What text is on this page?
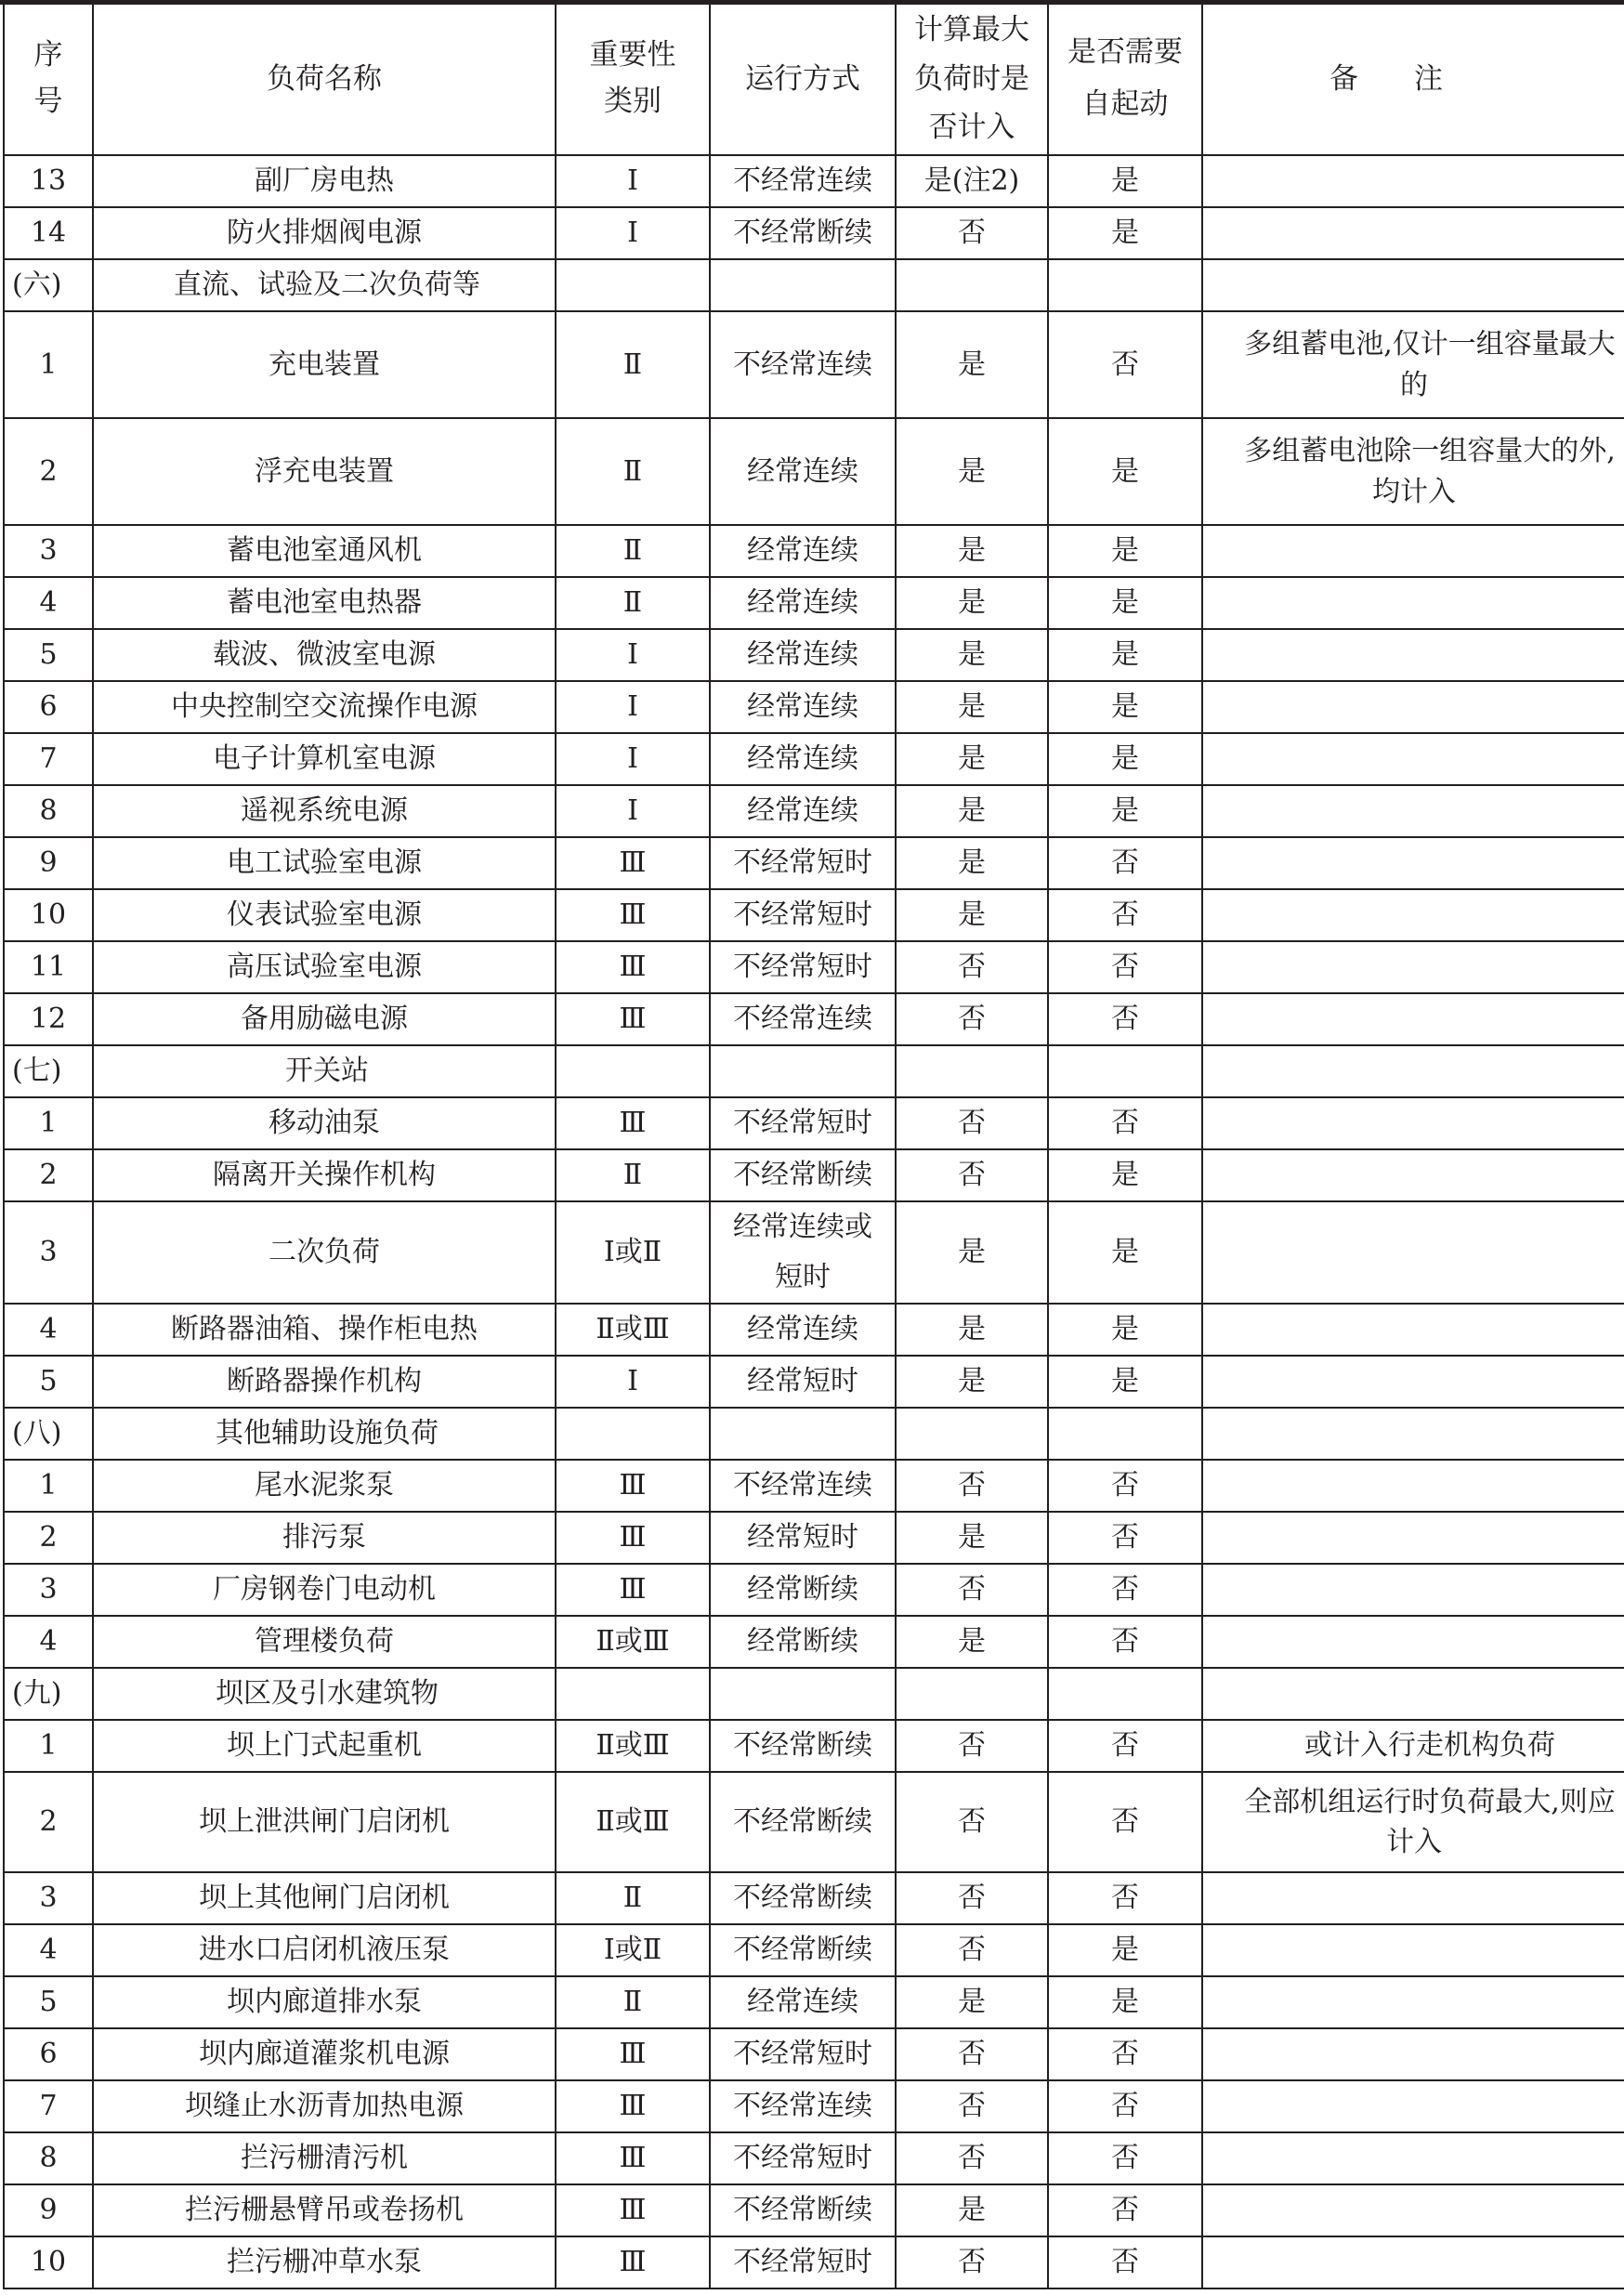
序号	负荷名称	重要性类别	运行方式	计算最大负荷时是否计入	是否需要自起动	备注
13	副厂房电热	Ⅰ	不经常连续	是(注2)	是	
14	防火排烟阀电源	Ⅰ	不经常断续	否	是	
(六)	直流、试验及二次负荷等					
1	充电装置	Ⅱ	不经常连续	是	否	多组蓄电池,仅计一组容量最大的
2	浮充电装置	Ⅱ	经常连续	是	是	多组蓄电池除一组容量大的外,均计入
3	蓄电池室通风机	Ⅱ	经常连续	是	是	
4	蓄电池室电热器	Ⅱ	经常连续	是	是	
5	载波、微波室电源	Ⅰ	经常连续	是	是	
6	中央控制空交流操作电源	Ⅰ	经常连续	是	是	
7	电子计算机室电源	Ⅰ	经常连续	是	是	
8	遥视系统电源	Ⅰ	经常连续	是	是	
9	电工试验室电源	Ⅲ	不经常短时	是	否	
10	仪表试验室电源	Ⅲ	不经常短时	是	否	
11	高压试验室电源	Ⅲ	不经常短时	否	否	
12	备用励磁电源	Ⅲ	不经常连续	否	否	
(七)	开关站					
1	移动油泵	Ⅲ	不经常短时	否	否	
2	隔离开关操作机构	Ⅱ	不经常断续	否	是	
3	二次负荷	Ⅰ或Ⅱ	经常连续或短时	是	是	
4	断路器油箱、操作柜电热	Ⅱ或Ⅲ	经常连续	是	是	
5	断路器操作机构	Ⅰ	经常短时	是	是	
(八)	其他辅助设施负荷					
1	尾水泥浆泵	Ⅲ	不经常连续	否	否	
2	排污泵	Ⅲ	经常短时	是	否	
3	厂房钢卷门电动机	Ⅲ	经常断续	否	否	
4	管理楼负荷	Ⅱ或Ⅲ	经常断续	是	否	
(九)	坝区及引水建筑物					
1	坝上门式起重机	Ⅱ或Ⅲ	不经常断续	否	否	或计入行走机构负荷
2	坝上泄洪闸门启闭机	Ⅱ或Ⅲ	不经常断续	否	否	全部机组运行时负荷最大,则应计入
3	坝上其他闸门启闭机	Ⅱ	不经常断续	否	否	
4	进水口启闭机液压泵	Ⅰ或Ⅱ	不经常断续	否	是	
5	坝内廊道排水泵	Ⅱ	经常连续	是	是	
6	坝内廊道灌浆机电源	Ⅲ	不经常短时	否	否	
7	坝缝止水沥青加热电源	Ⅲ	不经常连续	否	否	
8	拦污栅清污机	Ⅲ	不经常短时	否	否	
9	拦污栅悬臂吊或卷扬机	Ⅲ	不经常断续	是	否	
10	拦污栅冲草水泵	Ⅲ	不经常短时	否	否	
